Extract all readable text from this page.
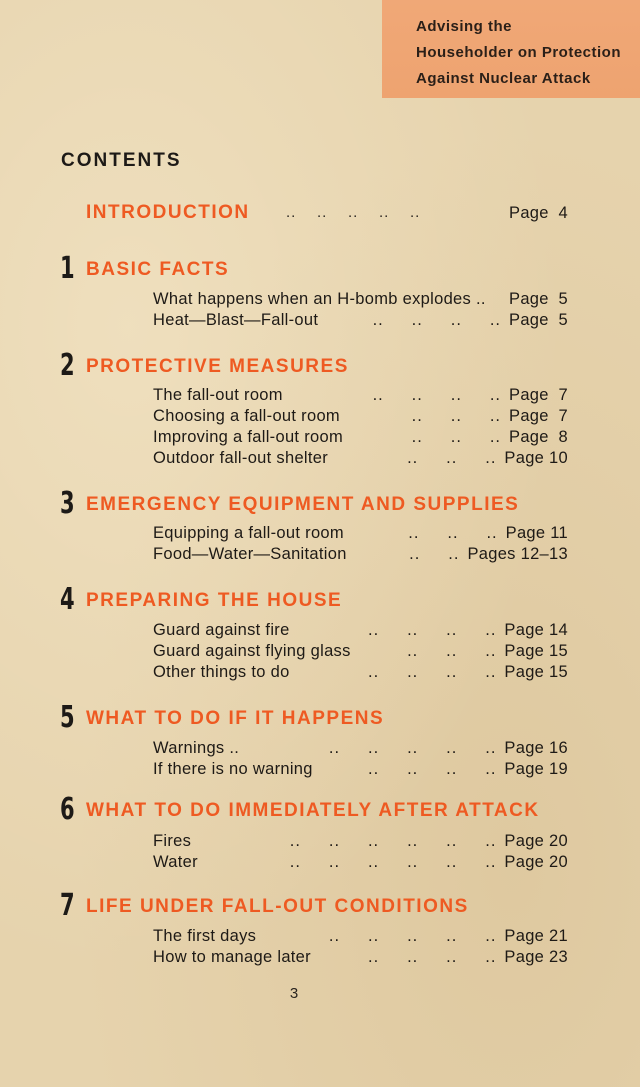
Advising the
Householder on Protection
Against Nuclear Attack
CONTENTS
INTRODUCTION ..    ..    ..    ..    ..	Page  4
1 BASIC FACTS
What happens when an H-bomb explodes .. Page  5
Heat—Blast—Fall-out	..     ..     ..     .. Page  5
2 PROTECTIVE MEASURES
The fall-out room	..     ..     ..     .. Page  7
Choosing a fall-out room	..     ..     .. Page  7
Improving a fall-out room	..     ..     .. Page  8
Outdoor fall-out shelter	..     ..     .. Page 10
3 EMERGENCY EQUIPMENT AND SUPPLIES
Equipping a fall-out room	..     ..     .. Page 11
Food—Water—Sanitation	..     .. Pages 12–13
4 PREPARING THE HOUSE
Guard against fire	..     ..     ..     .. Page 14
Guard against flying glass	..     ..     .. Page 15
Other things to do	..     ..     ..     .. Page 15
5 WHAT TO DO IF IT HAPPENS
Warnings ..	..     ..     ..     ..     .. Page 16
If there is no warning	..     ..     ..     .. Page 19
6 WHAT TO DO IMMEDIATELY AFTER ATTACK
Fires	..     ..     ..     ..     ..     .. Page 20
Water	..     ..     ..     ..     ..     .. Page 20
7 LIFE UNDER FALL-OUT CONDITIONS
The first days	..     ..     ..     ..     .. Page 21
How to manage later	..     ..     ..     .. Page 23
3
